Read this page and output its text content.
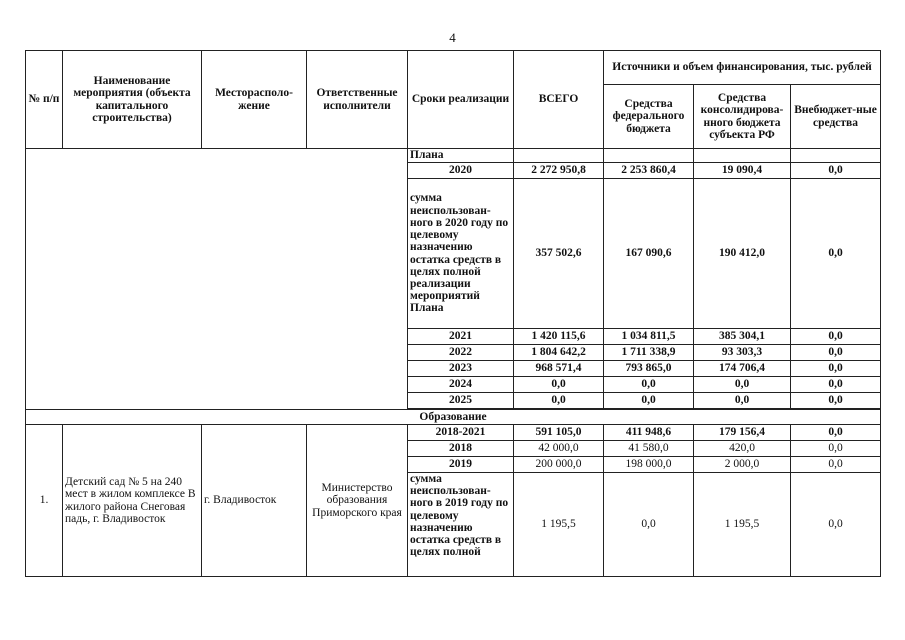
4
№ п/п	Наименование мероприятия (объекта капитального строительства)	Месторасполо-жение	Ответственные исполнители	Сроки реализации	ВСЕГО	Источники и объем финансирования, тыс. рублей		
						Средства федерального бюджета	Средства консолидирова-нного бюджета субъекта РФ	Внебюджет-ные средства
				Плана				
				2020	2 272 950,8	2 253 860,4	19 090,4	0,0
				сумма неиспользован-ного в 2020 году по целевому назначению остатка средств в целях полной реализации мероприятий Плана	357 502,6	167 090,6	190 412,0	0,0
				2021	1 420 115,6	1 034 811,5	385 304,1	0,0
				2022	1 804 642,2	1 711 338,9	93 303,3	0,0
				2023	968 571,4	793 865,0	174 706,4	0,0
				2024	0,0	0,0	0,0	0,0
				2025	0,0	0,0	0,0	0,0

Образование								
1.	Детский сад № 5 на 240 мест в жилом комплексе В жилого района Снеговая падь, г. Владивосток	г. Владивосток	Министерство образования Приморского края	2018-2021	591 105,0	411 948,6	179 156,4	0,0
				2018	42 000,0	41 580,0	420,0	0,0
				2019	200 000,0	198 000,0	2 000,0	0,0
				сумма неиспользован-ного в 2019 году по целевому назначению остатка средств в целях полной	1 195,5	0,0	1 195,5	0,0
